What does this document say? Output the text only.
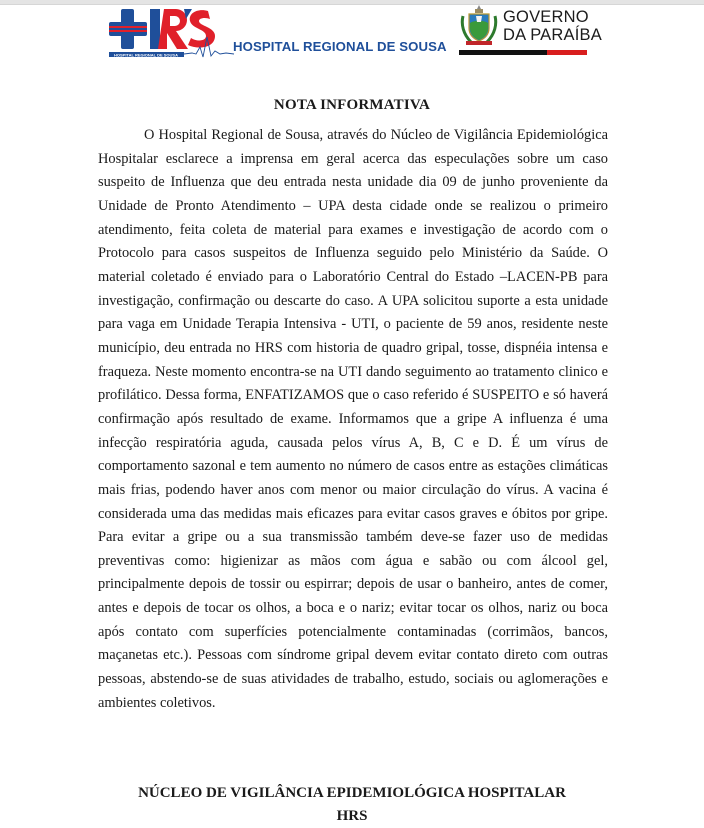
HOSPITAL REGIONAL DE SOUSA
HOSPITAL REGIONAL DE SOUSA
GOVERNO
DA PARAÍBA
NOTA INFORMATIVA

O Hospital Regional de Sousa, através do Núcleo de Vigilância Epidemiológica Hospitalar esclarece a imprensa em geral acerca das especulações sobre um caso suspeito de Influenza que deu entrada nesta unidade dia 09 de junho proveniente da Unidade de Pronto Atendimento – UPA desta cidade onde se realizou o primeiro atendimento, feita coleta de material para exames e investigação de acordo com o Protocolo para casos suspeitos de Influenza seguido pelo Ministério da Saúde. O material coletado é enviado para o Laboratório Central do Estado –LACEN-PB para investigação, confirmação ou descarte do caso. A UPA solicitou suporte a esta unidade para vaga em Unidade Terapia Intensiva - UTI, o paciente de 59 anos, residente neste município, deu entrada no HRS com historia de quadro gripal, tosse, dispnéia intensa e fraqueza. Neste momento encontra-se na UTI dando seguimento ao tratamento clinico e profilático. Dessa forma, ENFATIZAMOS que o caso referido é SUSPEITO e só haverá confirmação após resultado de exame. Informamos que a gripe A influenza é uma infecção respiratória aguda, causada pelos vírus A, B, C e D. É um vírus de comportamento sazonal e tem aumento no número de casos entre as estações climáticas mais frias, podendo haver anos com menor ou maior circulação do vírus. A vacina é considerada uma das medidas mais eficazes para evitar casos graves e óbitos por gripe. Para evitar a gripe ou a sua transmissão também deve-se fazer uso de medidas preventivas como: higienizar as mãos com água e sabão ou com álcool gel, principalmente depois de tossir ou espirrar; depois de usar o banheiro, antes de comer, antes e depois de tocar os olhos, a boca e o nariz; evitar tocar os olhos, nariz ou boca após contato com superfícies potencialmente contaminadas (corrimãos, bancos, maçanetas etc.). Pessoas com síndrome gripal devem evitar contato direto com outras pessoas, abstendo-se de suas atividades de trabalho, estudo, sociais ou aglomerações e ambientes coletivos.

NÚCLEO DE VIGILÂNCIA EPIDEMIOLÓGICA HOSPITALAR
HRS
